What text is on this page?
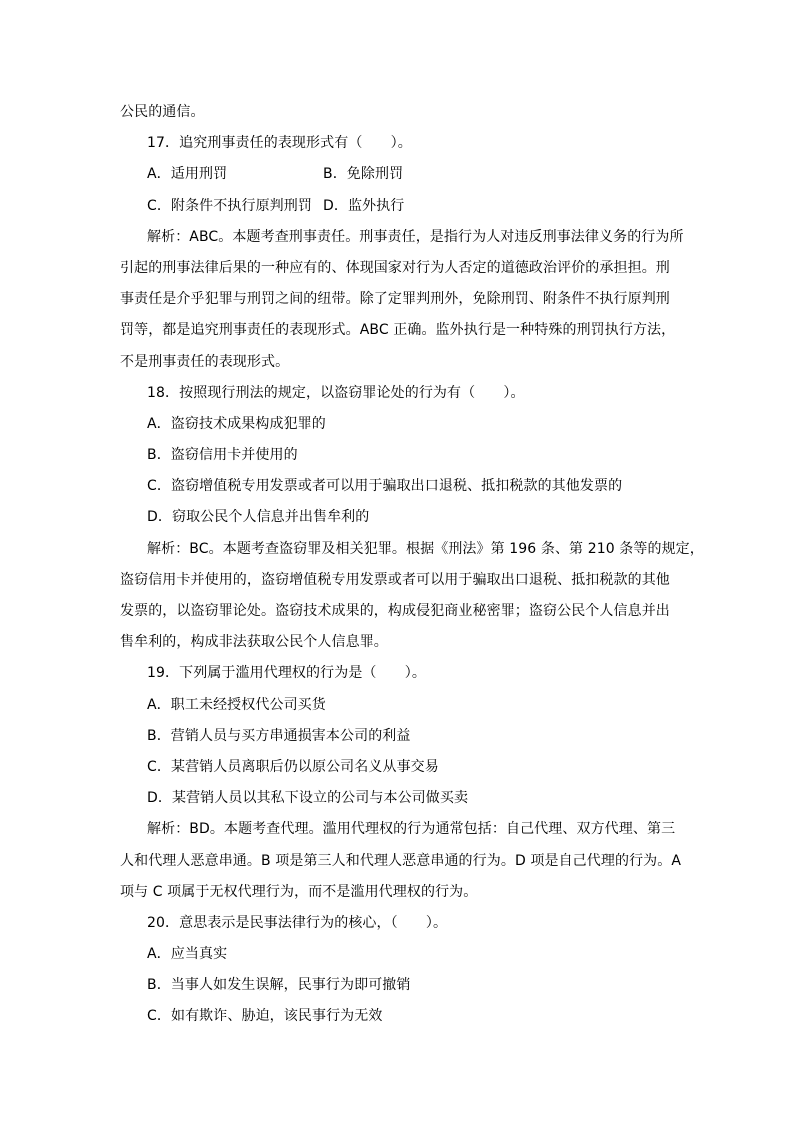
公民的通信。
17．追究刑事责任的表现形式有（　　）。
A．适用刑罚	B．免除刑罚
C．附条件不执行原判刑罚 D．监外执行
解析：ABC。本题考查刑事责任。刑事责任，是指行为人对违反刑事法律义务的行为所
引起的刑事法律后果的一种应有的、体现国家对行为人否定的道德政治评价的承担担。刑
事责任是介乎犯罪与刑罚之间的纽带。除了定罪判刑外，免除刑罚、附条件不执行原判刑
罚等，都是追究刑事责任的表现形式。ABC 正确。监外执行是一种特殊的刑罚执行方法，
不是刑事责任的表现形式。
18．按照现行刑法的规定，以盗窃罪论处的行为有（　　）。
A．盗窃技术成果构成犯罪的
B．盗窃信用卡并使用的
C．盗窃增值税专用发票或者可以用于骗取出口退税、抵扣税款的其他发票的
D．窃取公民个人信息并出售牟利的
解析：BC。本题考查盗窃罪及相关犯罪。根据《刑法》第 196 条、第 210 条等的规定，
盗窃信用卡并使用的，盗窃增值税专用发票或者可以用于骗取出口退税、抵扣税款的其他
发票的，以盗窃罪论处。盗窃技术成果的，构成侵犯商业秘密罪；盗窃公民个人信息并出
售牟利的，构成非法获取公民个人信息罪。
19．下列属于滥用代理权的行为是（　　）。
A．职工未经授权代公司买货
B．营销人员与买方串通损害本公司的利益
C．某营销人员离职后仍以原公司名义从事交易
D．某营销人员以其私下设立的公司与本公司做买卖
解析：BD。本题考查代理。滥用代理权的行为通常包括：自己代理、双方代理、第三
人和代理人恶意串通。B 项是第三人和代理人恶意串通的行为。D 项是自己代理的行为。A
项与 C 项属于无权代理行为，而不是滥用代理权的行为。
20．意思表示是民事法律行为的核心，（　　）。
A．应当真实
B．当事人如发生误解，民事行为即可撤销
C．如有欺诈、胁迫，该民事行为无效
